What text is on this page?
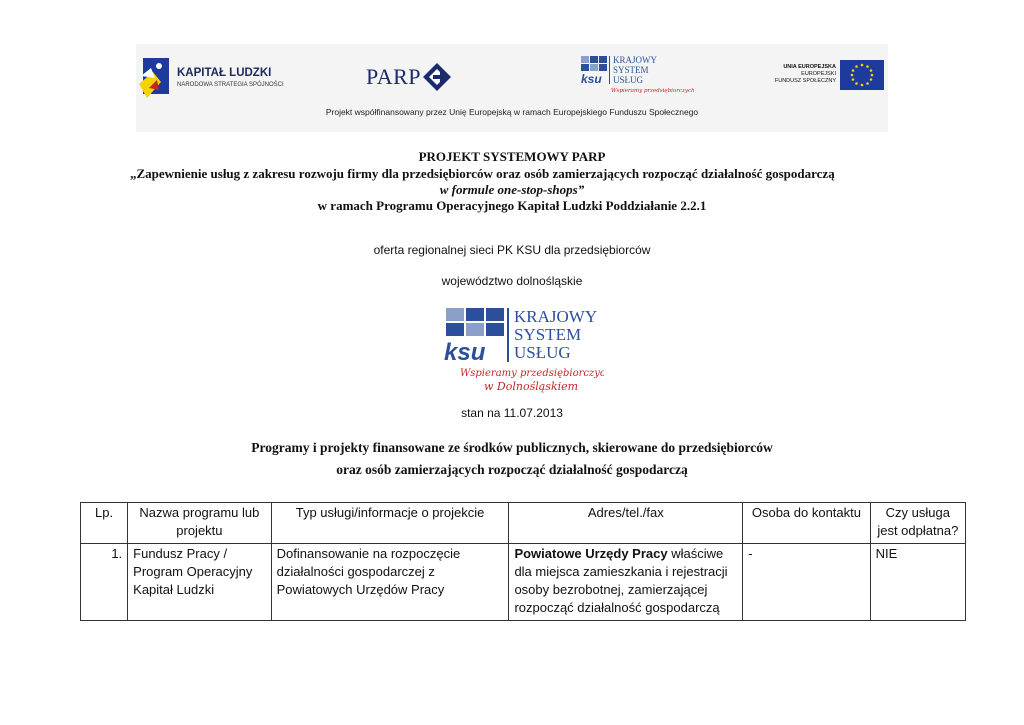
KAPITAŁ LUDZKI
NARODOWA STRATEGIA SPÓJNOŚCI	PARP	ksu
KRAJOWY
SYSTEM
USŁUG
Wspieramy przedsiębiorczych
UNIA EUROPEJSKA
EUROPEJSKI
FUNDUSZ SPOŁECZNY
Projekt współfinansowany przez Unię Europejską w ramach Europejskiego Funduszu Społecznego
PROJEKT SYSTEMOWY PARP
„Zapewnienie usług z zakresu rozwoju firmy dla przedsiębiorców oraz osób zamierzających rozpocząć działalność gospodarczą
w formule one-stop-shops”
w ramach Programu Operacyjnego Kapitał Ludzki Poddziałanie 2.2.1
oferta regionalnej sieci PK KSU dla przedsiębiorców
województwo dolnośląskie
ksu
KRAJOWY
SYSTEM
USŁUG
Wspieramy przedsiębiorczych
w Dolnośląskiem
stan na 11.07.2013
Programy i projekty finansowane ze środków publicznych, skierowane do przedsiębiorców
oraz osób zamierzających rozpocząć działalność gospodarczą
Lp.	Nazwa programu lub projektu	Typ usługi/informacje o projekcie	Adres/tel./fax	Osoba do kontaktu	Czy usługa jest odpłatna?
1.	Fundusz Pracy / Program Operacyjny Kapitał Ludzki	Dofinansowanie na rozpoczęcie działalności gospodarczej z Powiatowych Urzędów Pracy	Powiatowe Urzędy Pracy właściwe dla miejsca zamieszkania i rejestracji osoby bezrobotnej, zamierzającej rozpocząć działalność gospodarczą	-	NIE
